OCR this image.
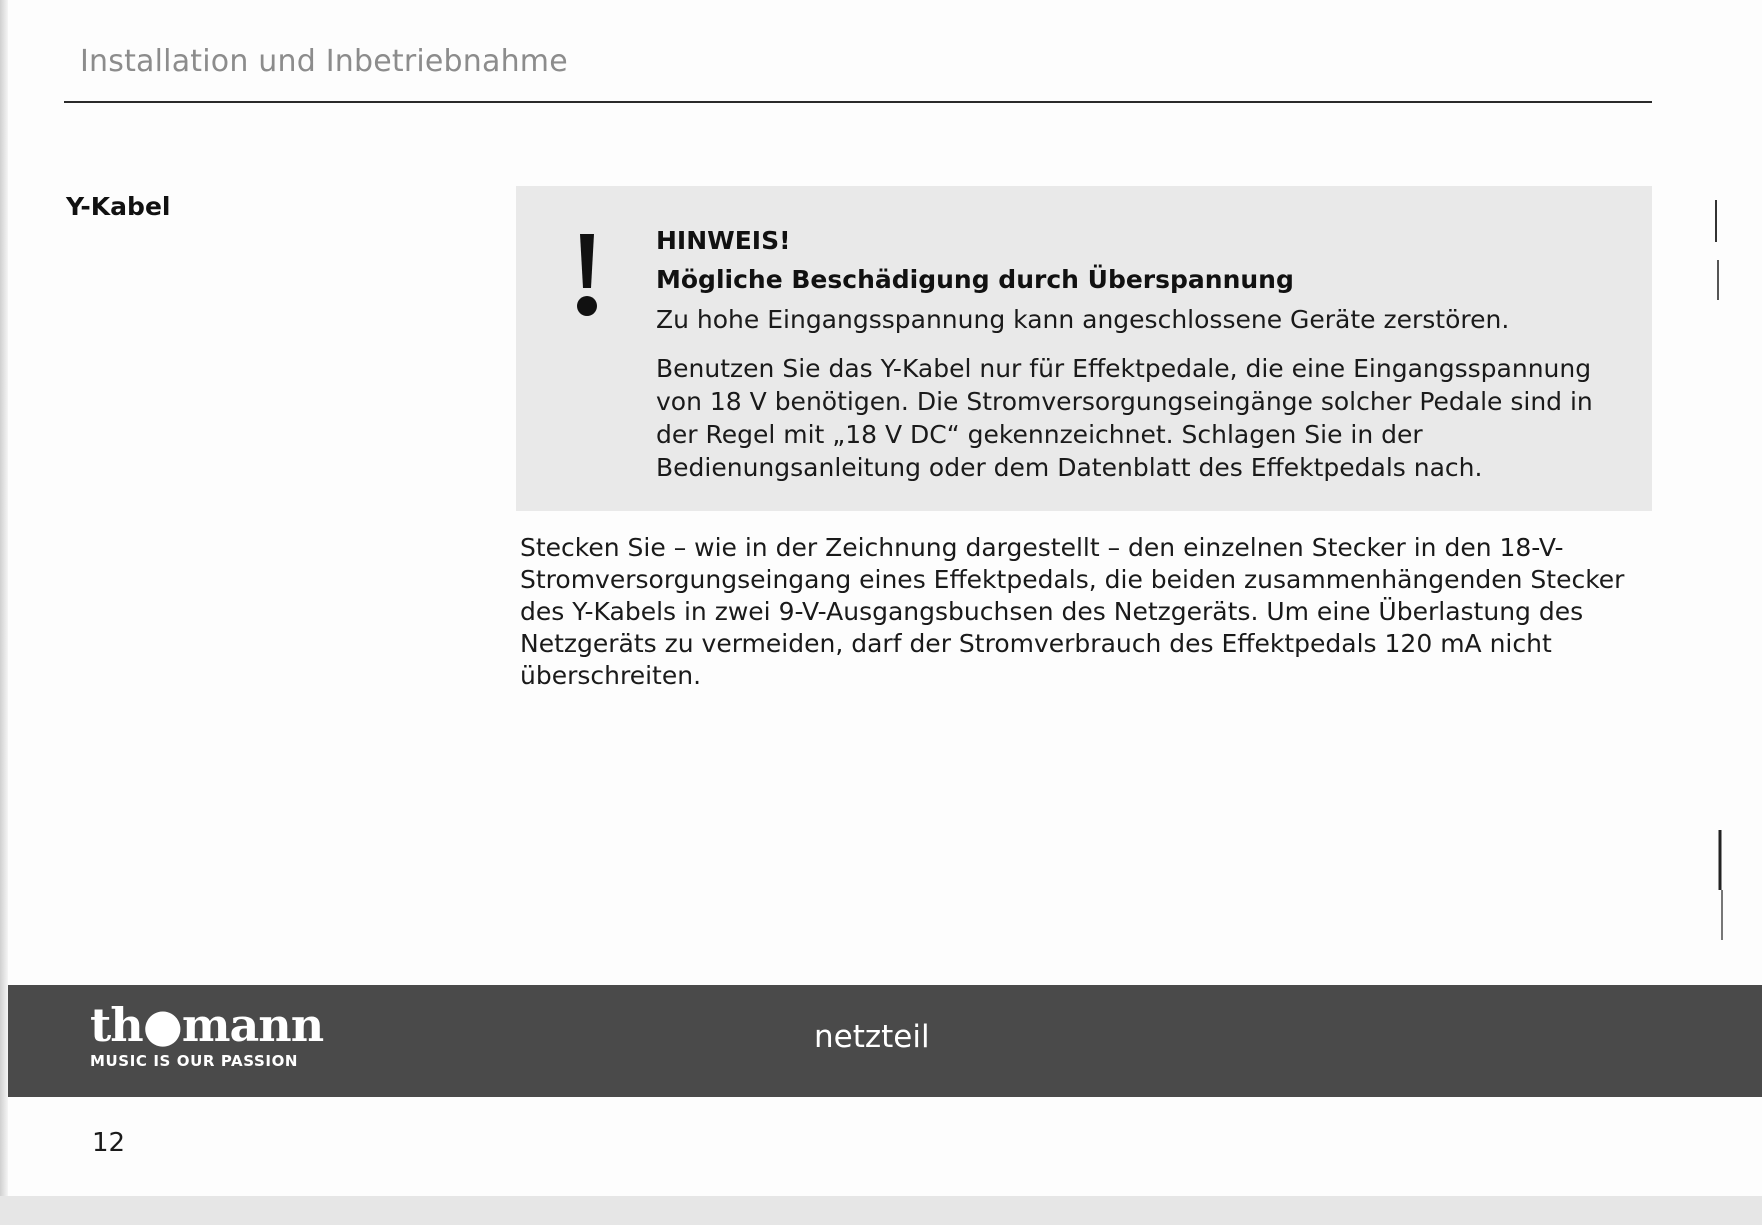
Installation und Inbetriebnahme
Y-Kabel
HINWEIS!
Mögliche Beschädigung durch Überspannung
Zu hohe Eingangsspannung kann angeschlossene Geräte zerstören.
Benutzen Sie das Y-Kabel nur für Effektpedale, die eine Eingangsspannung von 18 V benötigen. Die Stromversorgungseingänge solcher Pedale sind in der Regel mit „18 V DC“ gekennzeichnet. Schlagen Sie in der Bedienungsanleitung oder dem Datenblatt des Effektpedals nach.
Stecken Sie – wie in der Zeichnung dargestellt – den einzelnen Stecker in den 18-V-Stromversorgungseingang eines Effektpedals, die beiden zusammenhängenden Stecker des Y-Kabels in zwei 9-V-Ausgangsbuchsen des Netzgeräts. Um eine Überlastung des Netzgeräts zu vermeiden, darf der Stromverbrauch des Effektpedals 120 mA nicht überschreiten.
th●mann
MUSIC IS OUR PASSION
netzteil
12
